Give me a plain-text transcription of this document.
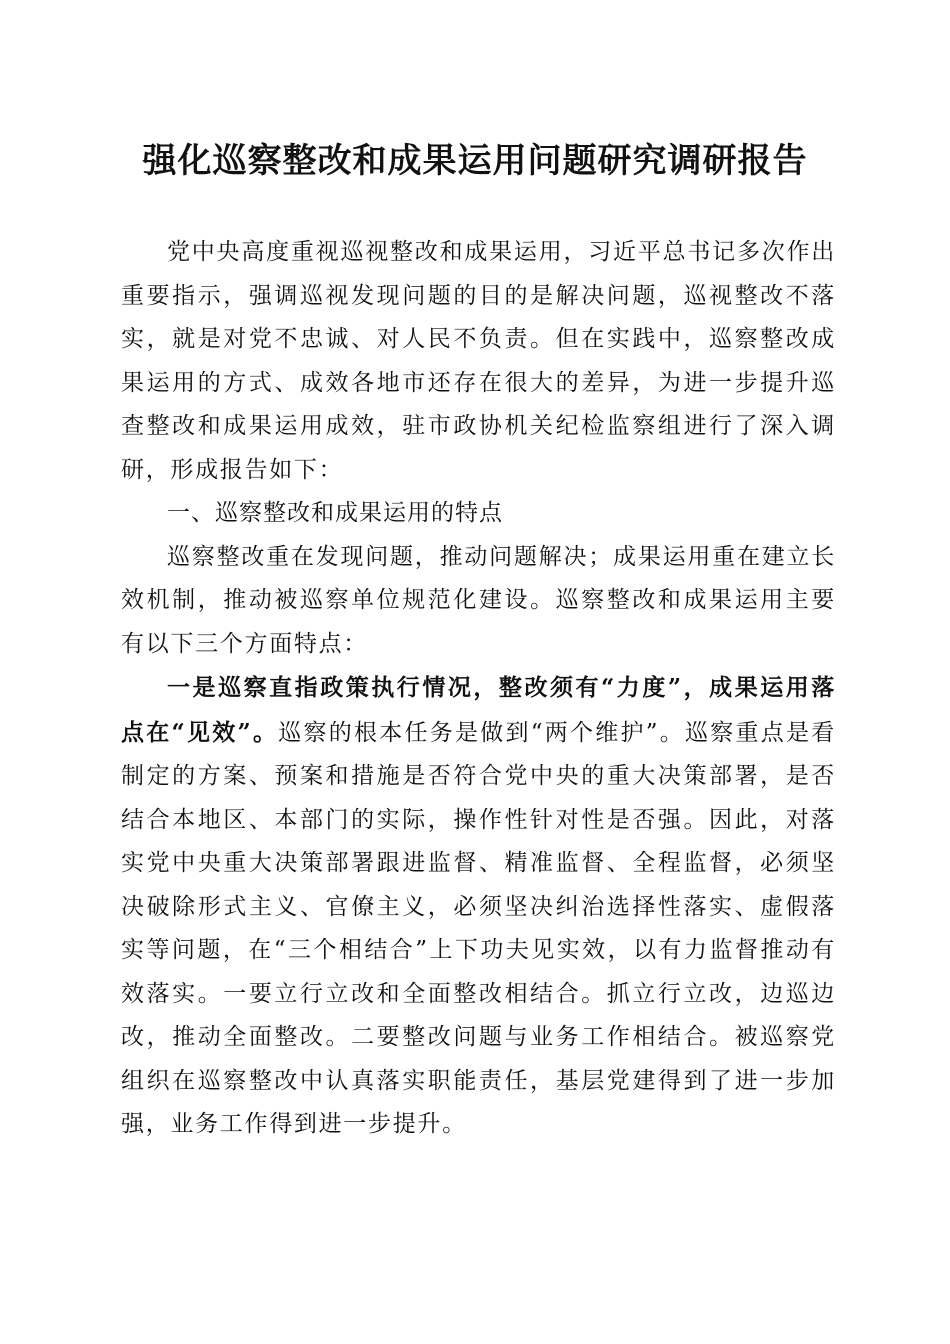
强化巡察整改和成果运用问题研究调研报告

党中央高度重视巡视整改和成果运用，习近平总书记多次作出重要指示，强调巡视发现问题的目的是解决问题，巡视整改不落实，就是对党不忠诚、对人民不负责。但在实践中，巡察整改成果运用的方式、成效各地市还存在很大的差异，为进一步提升巡查整改和成果运用成效，驻市政协机关纪检监察组进行了深入调研，形成报告如下：

一、巡察整改和成果运用的特点

巡察整改重在发现问题，推动问题解决；成果运用重在建立长效机制，推动被巡察单位规范化建设。巡察整改和成果运用主要有以下三个方面特点：

一是巡察直指政策执行情况，整改须有“力度”，成果运用落点在“见效”。巡察的根本任务是做到“两个维护”。巡察重点是看制定的方案、预案和措施是否符合党中央的重大决策部署，是否结合本地区、本部门的实际，操作性针对性是否强。因此，对落实党中央重大决策部署跟进监督、精准监督、全程监督，必须坚决破除形式主义、官僚主义，必须坚决纠治选择性落实、虚假落实等问题，在“三个相结合”上下功夫见实效，以有力监督推动有效落实。一要立行立改和全面整改相结合。抓立行立改，边巡边改，推动全面整改。二要整改问题与业务工作相结合。被巡察党组织在巡察整改中认真落实职能责任，基层党建得到了进一步加强，业务工作得到进一步提升。
